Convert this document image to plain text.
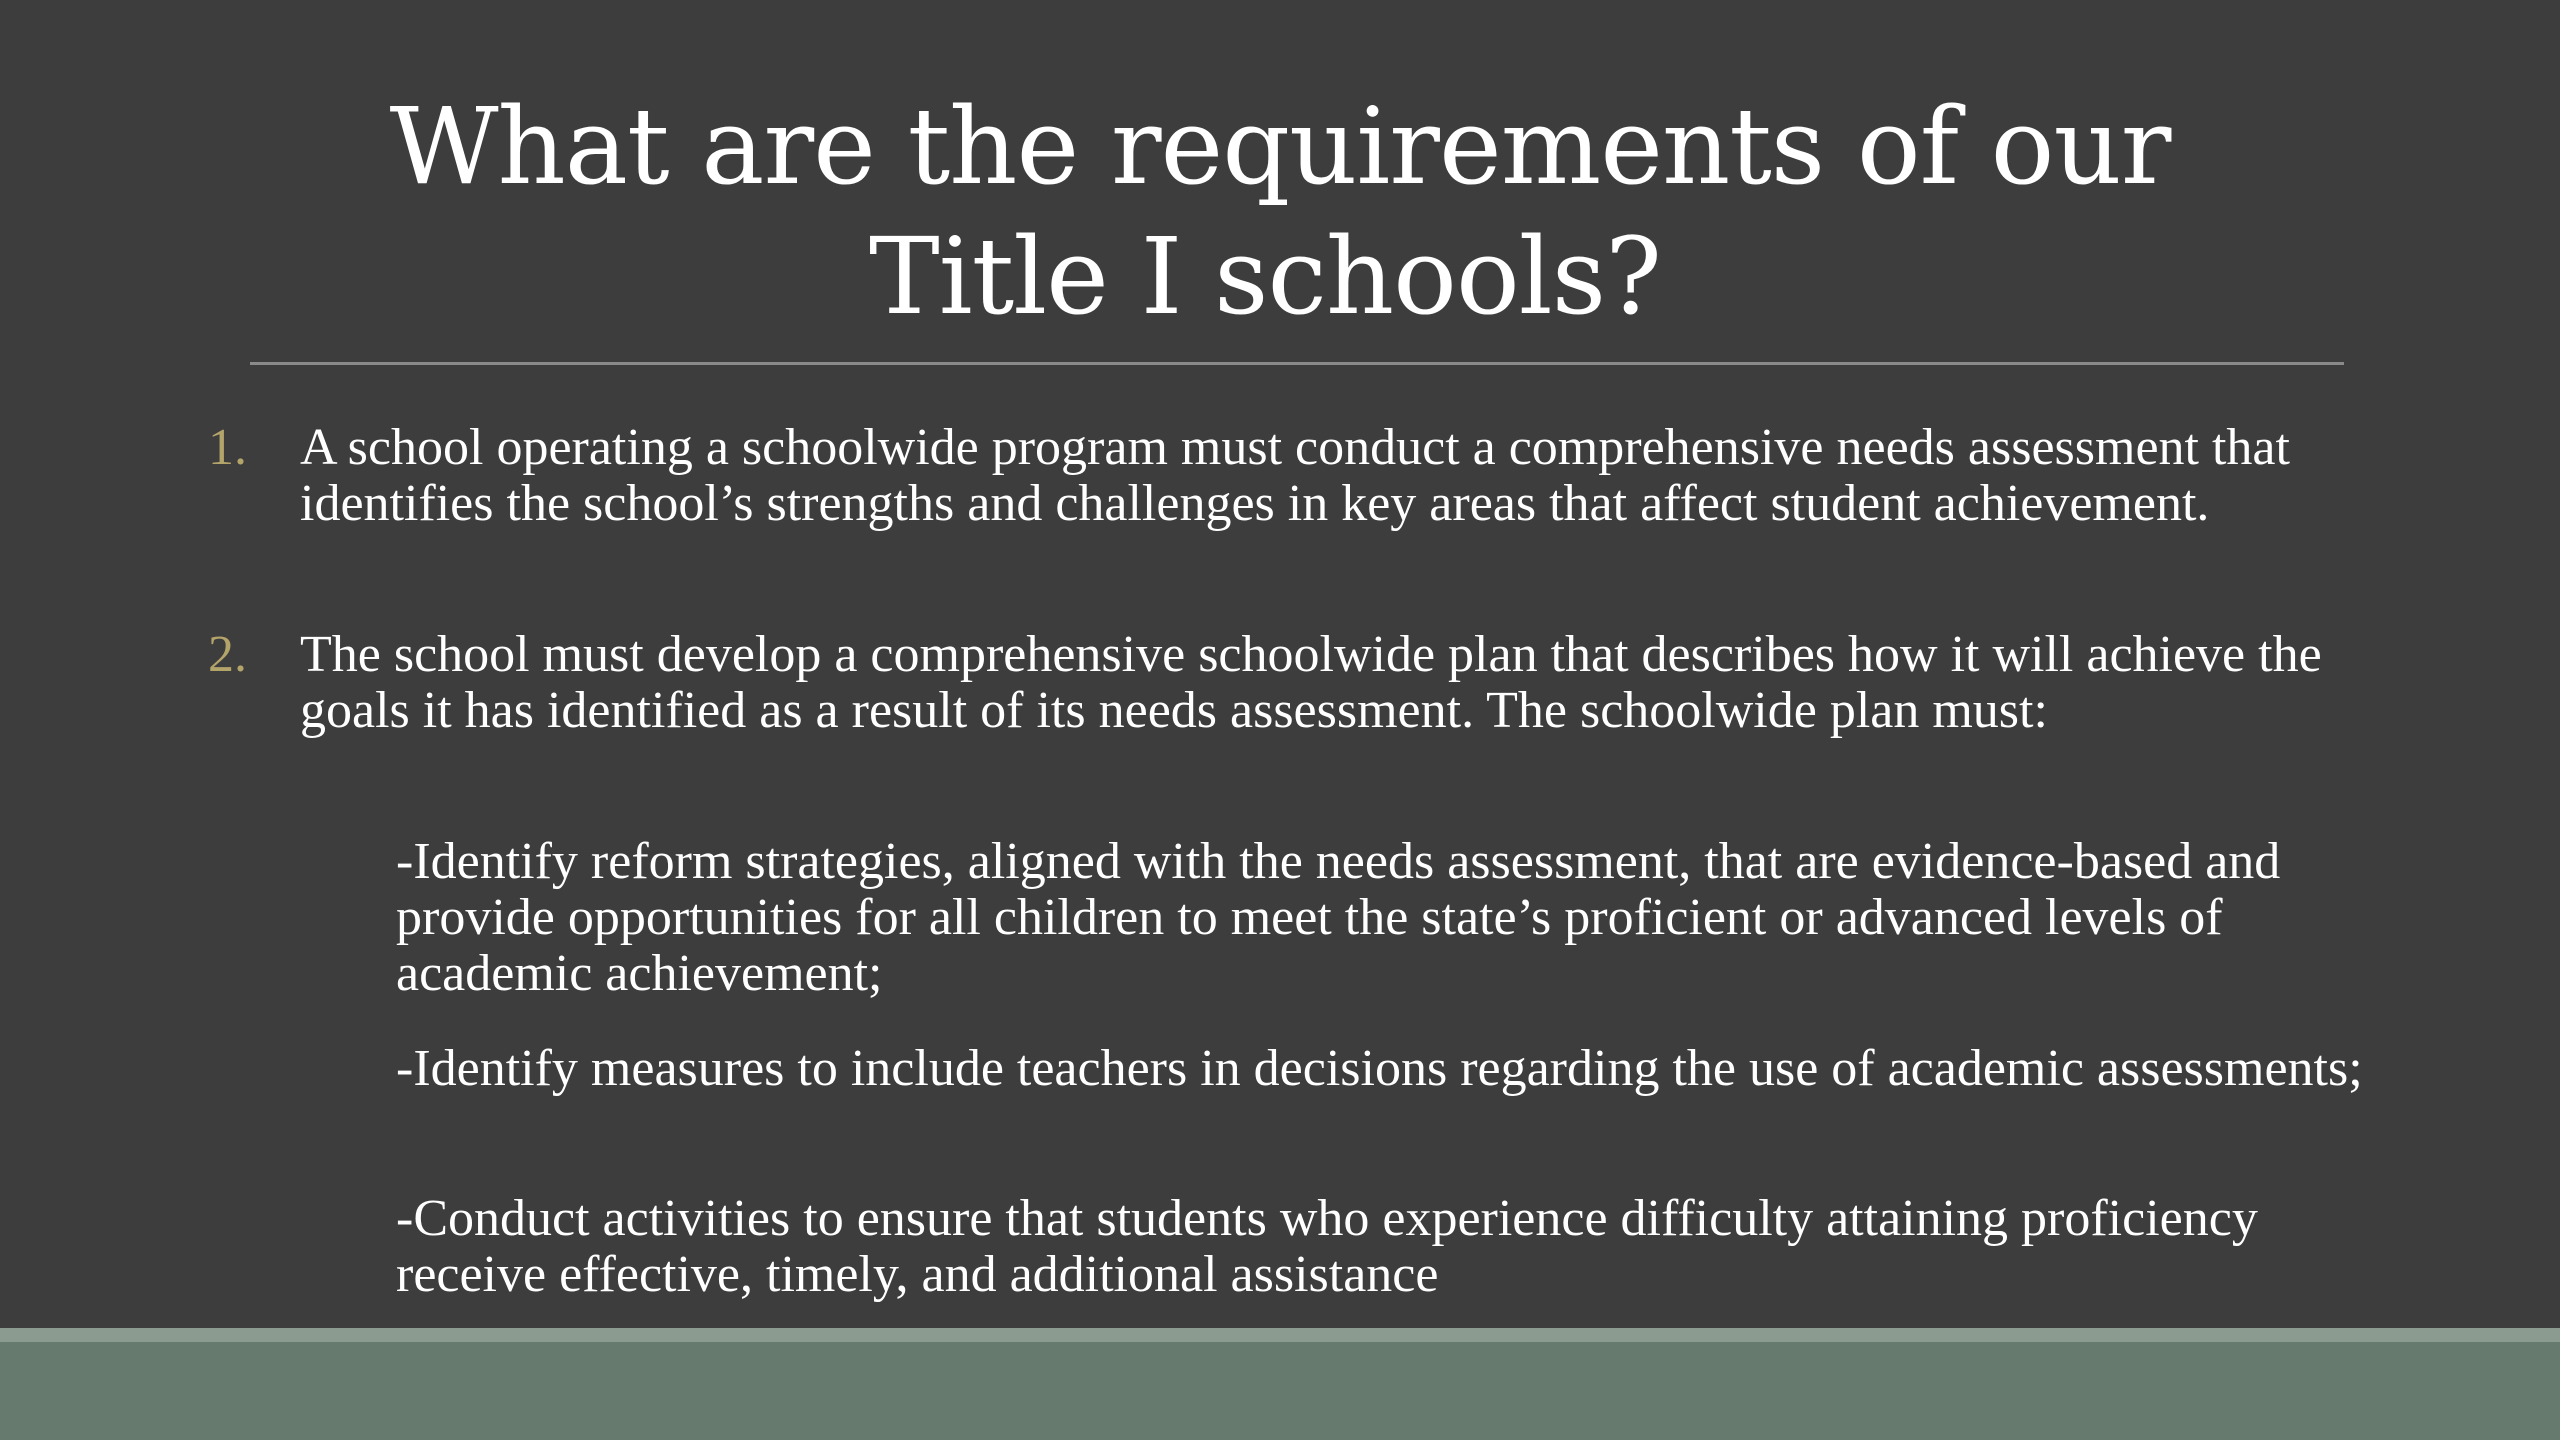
What are the requirements of our
Title I schools?
1. A school operating a schoolwide program must conduct a comprehensive needs assessment that identifies the school’s strengths and challenges in key areas that affect student achievement.
2. The school must develop a comprehensive schoolwide plan that describes how it will achieve the goals it has identified as a result of its needs assessment. The schoolwide plan must:
-Identify reform strategies, aligned with the needs assessment, that are evidence-based and provide opportunities for all children to meet the state’s proficient or advanced levels of academic achievement;
-Identify measures to include teachers in decisions regarding the use of academic assessments;
-Conduct activities to ensure that students who experience difficulty attaining proficiency receive effective, timely, and additional assistance
